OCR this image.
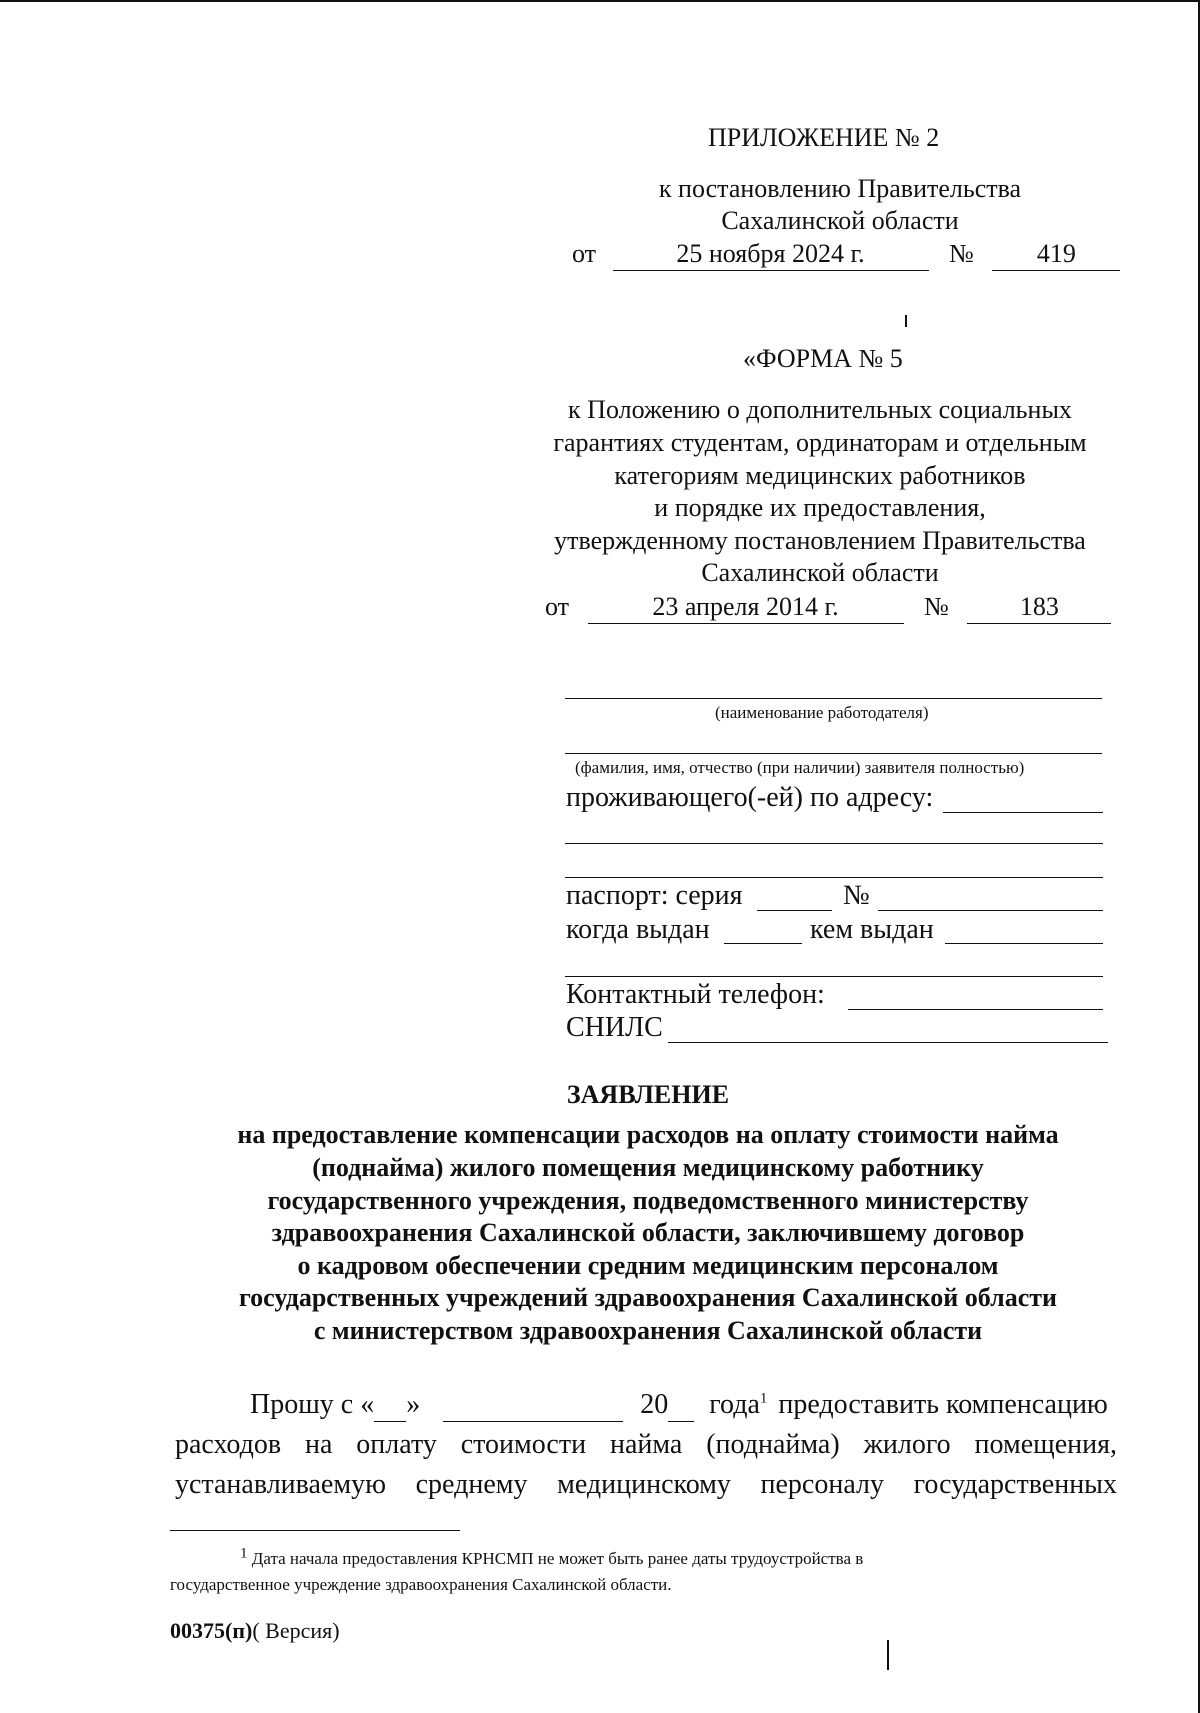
ПРИЛОЖЕНИЕ № 2
к постановлению Правительства
Сахалинской области
от	25 ноября 2024 г.	№ 419
«ФОРМА № 5
к Положению о дополнительных социальных
гарантиях студентам, ординаторам и отдельным
категориям медицинских работников
и порядке их предоставления,
утвержденному постановлением Правительства
Сахалинской области
от	23 апреля 2014 г.	№	183
(наименование работодателя)
(фамилия, имя, отчество (при наличии) заявителя полностью)
проживающего(-ей) по адресу:
паспорт: серия	№
когда выдан	кем выдан
Контактный телефон:
СНИЛС
ЗАЯВЛЕНИЕ
на предоставление компенсации расходов на оплату стоимости найма
(поднайма) жилого помещения медицинскому работнику
государственного учреждения, подведомственного министерству
здравоохранения Сахалинской области, заключившему договор
о кадровом обеспечении средним медицинским персоналом
государственных учреждений здравоохранения Сахалинской области
с министерством здравоохранения Сахалинской области
Прошу с « »	20 года$^1$ предоставить компенсацию
расходов на оплату стоимости найма (поднайма) жилого помещения,
устанавливаемую среднему медицинскому персоналу государственных
$^1$ Дата начала предоставления КРНСМП не может быть ранее даты трудоустройства в
государственное учреждение здравоохранения Сахалинской области.
00375(п)( Версия)
